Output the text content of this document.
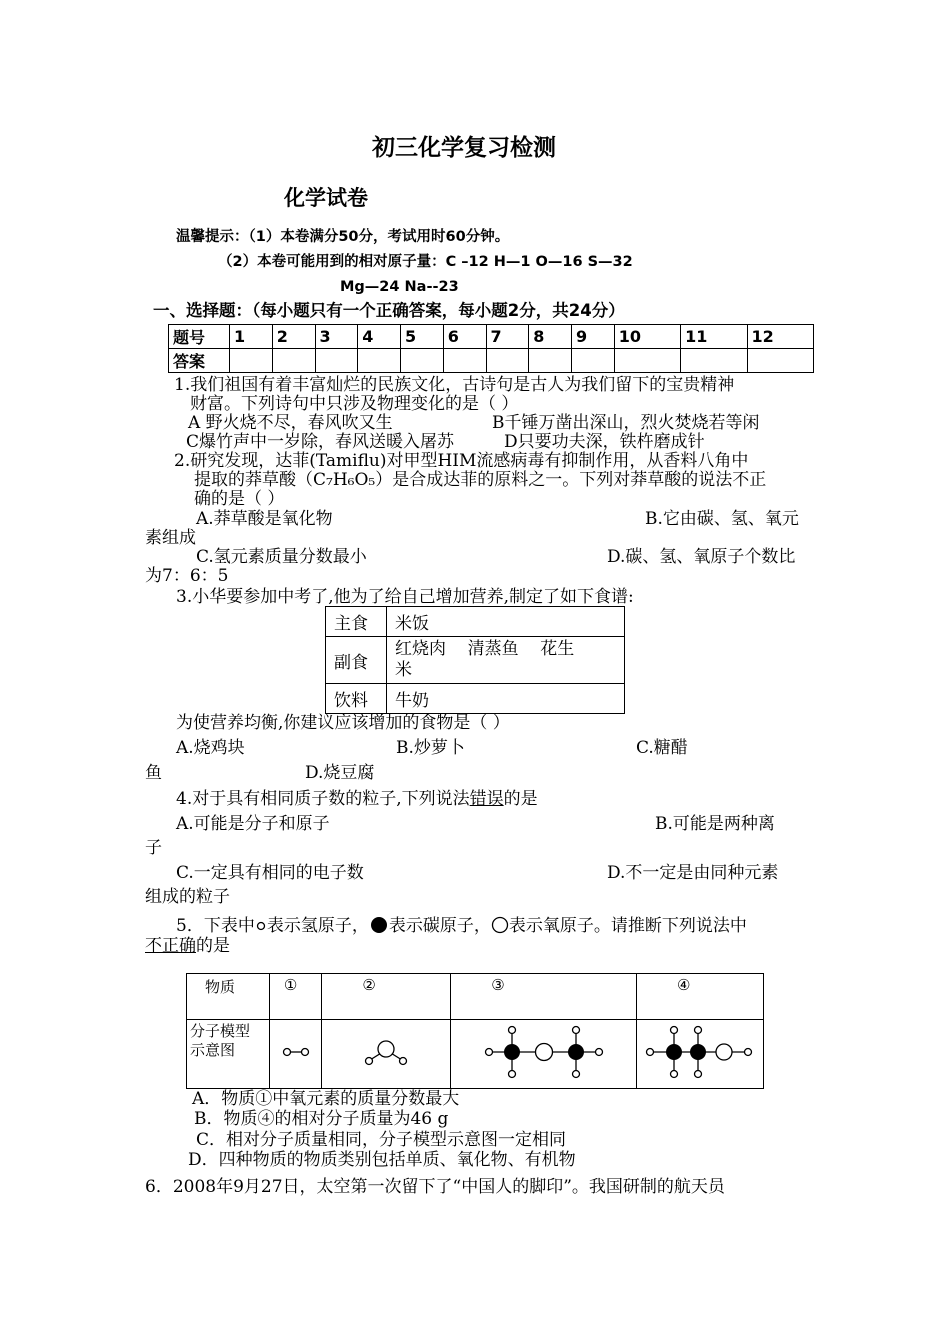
初三化学复习检测
化学试卷
温馨提示：（1）本卷满分50分，考试用时60分钟。
（2）本卷可能用到的相对原子量：C –12 H—1 O—16 S—32
Mg—24 Na--23
一、选择题：（每小题只有一个正确答案，每小题2分，共24分）
题号	1	2	3	4	5	6	7	8	9	10	11	12
答案												
1.我们祖国有着丰富灿烂的民族文化，古诗句是古人为我们留下的宝贵精神
财富。下列诗句中只涉及物理变化的是（ ）
A 野火烧不尽，春风吹又生	B千锤万凿出深山，烈火焚烧若等闲
C爆竹声中一岁除，春风送暖入屠苏	D只要功夫深，铁杵磨成针
2.研究发现，达菲(Tamiflu)对甲型HIM流感病毒有抑制作用，从香料八角中
提取的莽草酸（C₇H₆O₅）是合成达菲的原料之一。下列对莽草酸的说法不正
确的是（ ）
A.莽草酸是氧化物	B.它由碳、氢、氧元
素组成
C.氢元素质量分数最小	D.碳、氢、氧原子个数比
为7：6：5
3.小华要参加中考了,他为了给自己增加营养,制定了如下食谱:
主食	米饭
副食	红烧肉    清蒸鱼    花生
米

饮料	牛奶
为使营养均衡,你建议应该增加的食物是（ ）
A.烧鸡块	B.炒萝卜	C.糖醋
鱼	D.烧豆腐
4.对于具有相同质子数的粒子,下列说法错误的是
A.可能是分子和原子	B.可能是两种离
子
C.一定具有相同的电子数	D.不一定是由同种元素
组成的粒子
5．下表中 表示氢原子， 表示碳原子， 表示氧原子。请推断下列说法中
不正确的是
物质	①	②	③	④

分子模型
示意图

A．物质①中氧元素的质量分数最大
B．物质④的相对分子质量为46 g
C．相对分子质量相同，分子模型示意图一定相同
D．四种物质的物质类别包括单质、氧化物、有机物
6．2008年9月27日，太空第一次留下了“中国人的脚印”。我国研制的航天员
